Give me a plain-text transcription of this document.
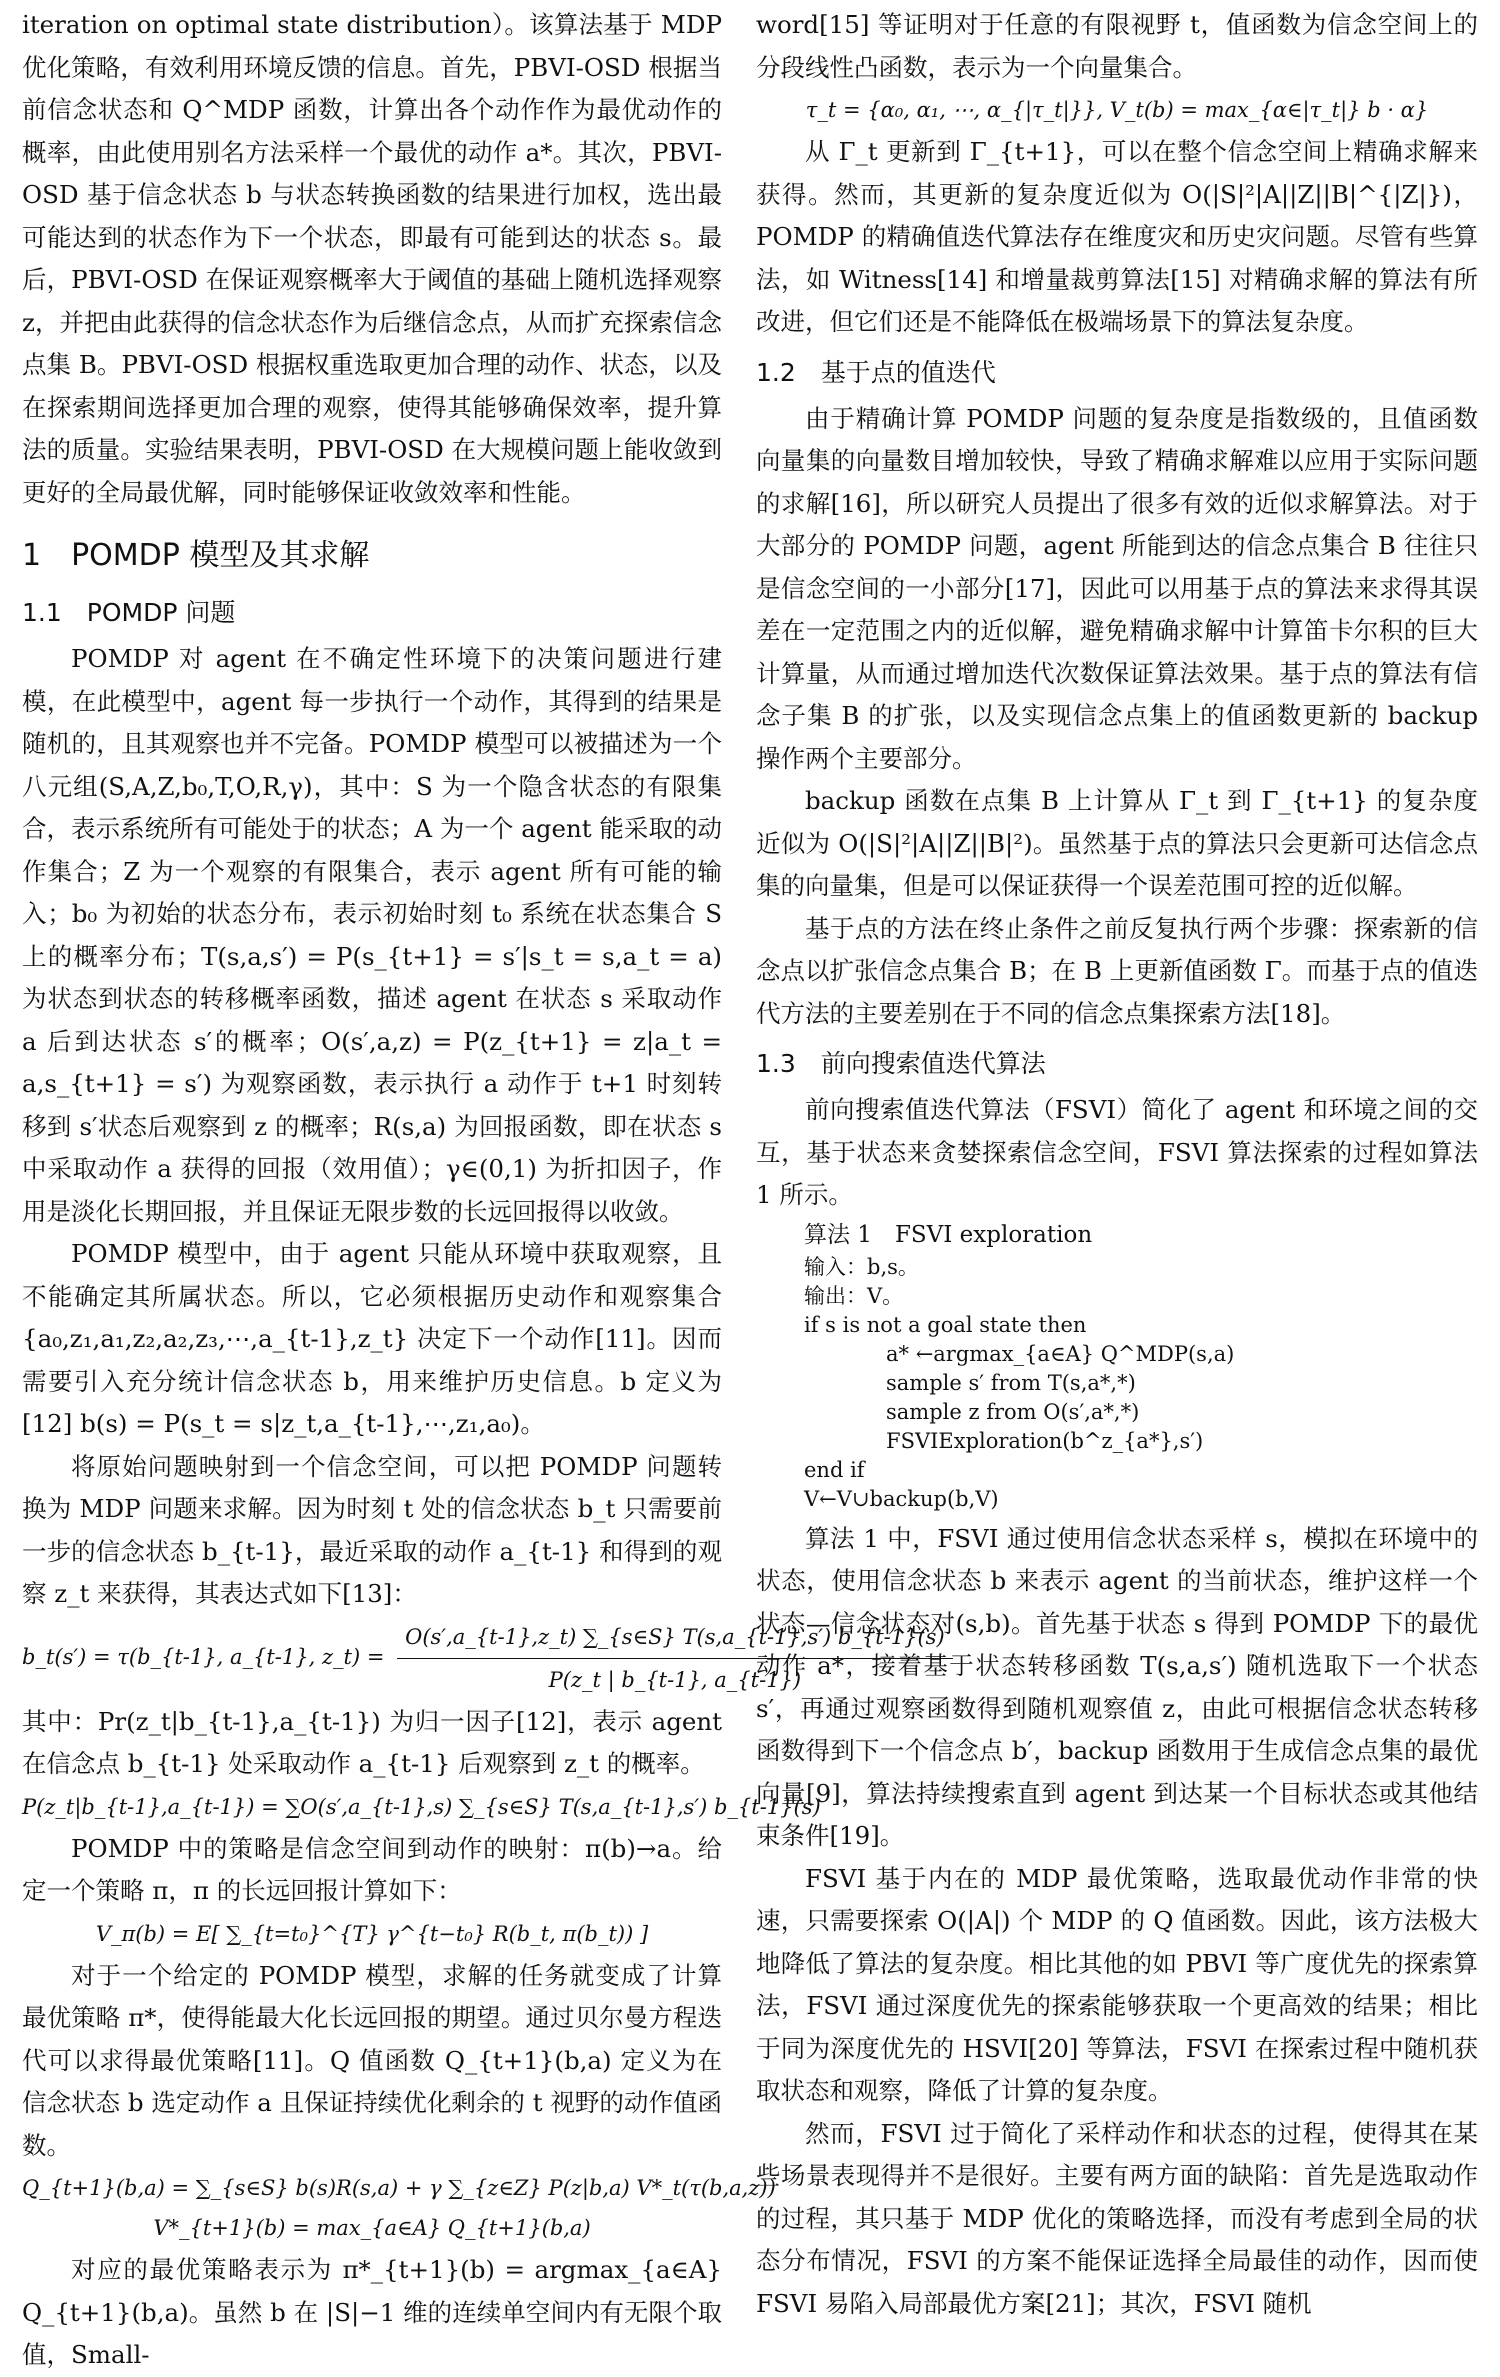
iteration on optimal state distribution）。该算法基于 MDP 优化策略，有效利用环境反馈的信息。首先，PBVI-OSD 根据当前信念状态和 Q^MDP 函数，计算出各个动作作为最优动作的概率，由此使用别名方法采样一个最优的动作 a*。其次，PBVI-OSD 基于信念状态 b 与状态转换函数的结果进行加权，选出最可能达到的状态作为下一个状态，即最有可能到达的状态 s。最后，PBVI-OSD 在保证观察概率大于阈值的基础上随机选择观察 z，并把由此获得的信念状态作为后继信念点，从而扩充探索信念点集 B。PBVI-OSD 根据权重选取更加合理的动作、状态，以及在探索期间选择更加合理的观察，使得其能够确保效率，提升算法的质量。实验结果表明，PBVI-OSD 在大规模问题上能收敛到更好的全局最优解，同时能够保证收敛效率和性能。

1　POMDP 模型及其求解
1.1　POMDP 问题

POMDP 对 agent 在不确定性环境下的决策问题进行建模，在此模型中，agent 每一步执行一个动作，其得到的结果是随机的，且其观察也并不完备。POMDP 模型可以被描述为一个八元组(S,A,Z,b₀,T,O,R,γ)，其中：S 为一个隐含状态的有限集合，表示系统所有可能处于的状态；A 为一个 agent 能采取的动作集合；Z 为一个观察的有限集合，表示 agent 所有可能的输入；b₀ 为初始的状态分布，表示初始时刻 t₀ 系统在状态集合 S 上的概率分布；T(s,a,s′) = P(s_{t+1} = s′|s_t = s,a_t = a) 为状态到状态的转移概率函数，描述 agent 在状态 s 采取动作 a 后到达状态 s′的概率；O(s′,a,z) = P(z_{t+1} = z|a_t = a,s_{t+1} = s′) 为观察函数，表示执行 a 动作于 t+1 时刻转移到 s′状态后观察到 z 的概率；R(s,a) 为回报函数，即在状态 s 中采取动作 a 获得的回报（效用值）；γ∈(0,1) 为折扣因子，作用是淡化长期回报，并且保证无限步数的长远回报得以收敛。

POMDP 模型中，由于 agent 只能从环境中获取观察，且不能确定其所属状态。所以，它必须根据历史动作和观察集合 {a₀,z₁,a₁,z₂,a₂,z₃,⋯,a_{t-1},z_t} 决定下一个动作[11]。因而需要引入充分统计信念状态 b，用来维护历史信息。b 定义为[12] b(s) = P(s_t = s|z_t,a_{t-1},⋯,z₁,a₀)。

将原始问题映射到一个信念空间，可以把 POMDP 问题转换为 MDP 问题来求解。因为时刻 t 处的信念状态 b_t 只需要前一步的信念状态 b_{t-1}，最近采取的动作 a_{t-1} 和得到的观察 z_t 来获得，其表达式如下[13]：

b_t(s′) = τ(b_{t-1}, a_{t-1}, z_t) = $\frac{O(s',a\_\{t-1\},z\_t) \sum\_\{s\in S\} T(s,a\_\{t-1\},s') b\_\{t-1\}(s)}{P(z\_t | b\_\{t-1\}, a\_\{t-1\})}$

其中：Pr(z_t|b_{t-1},a_{t-1}) 为归一因子[12]，表示 agent 在信念点 b_{t-1} 处采取动作 a_{t-1} 后观察到 z_t 的概率。

P(z_t|b_{t-1},a_{t-1}) = ∑O(s′,a_{t-1},s) ∑_{s∈S} T(s,a_{t-1},s′) b_{t-1}(s)

POMDP 中的策略是信念空间到动作的映射：π(b)→a。给定一个策略 π，π 的长远回报计算如下：

V_π(b) = E[ ∑_{t=t₀}^{T} γ^{t−t₀} R(b_t, π(b_t)) ]

对于一个给定的 POMDP 模型，求解的任务就变成了计算最优策略 π*，使得能最大化长远回报的期望。通过贝尔曼方程迭代可以求得最优策略[11]。Q 值函数 Q_{t+1}(b,a) 定义为在信念状态 b 选定动作 a 且保证持续优化剩余的 t 视野的动作值函数。

Q_{t+1}(b,a) = ∑_{s∈S} b(s)R(s,a) + γ ∑_{z∈Z} P(z|b,a) V*_t(τ(b,a,z))
V*_{t+1}(b) = max_{a∈A} Q_{t+1}(b,a)

对应的最优策略表示为 π*_{t+1}(b) = argmax_{a∈A} Q_{t+1}(b,a)。虽然 b 在 |S|−1 维的连续单空间内有无限个取值，Small-

word[15] 等证明对于任意的有限视野 t，值函数为信念空间上的分段线性凸函数，表示为一个向量集合。

τ_t = {α₀, α₁, ⋯, α_{|τ_t|}}, V_t(b) = max_{α∈|τ_t|} b · α}

从 Γ_t 更新到 Γ_{t+1}，可以在整个信念空间上精确求解来获得。然而，其更新的复杂度近似为 O(|S|²|A||Z||B|^{|Z|})，POMDP 的精确值迭代算法存在维度灾和历史灾问题。尽管有些算法，如 Witness[14] 和增量裁剪算法[15] 对精确求解的算法有所改进，但它们还是不能降低在极端场景下的算法复杂度。

1.2　基于点的值迭代

由于精确计算 POMDP 问题的复杂度是指数级的，且值函数向量集的向量数目增加较快，导致了精确求解难以应用于实际问题的求解[16]，所以研究人员提出了很多有效的近似求解算法。对于大部分的 POMDP 问题，agent 所能到达的信念点集合 B 往往只是信念空间的一小部分[17]，因此可以用基于点的算法来求得其误差在一定范围之内的近似解，避免精确求解中计算笛卡尔积的巨大计算量，从而通过增加迭代次数保证算法效果。基于点的算法有信念子集 B 的扩张，以及实现信念点集上的值函数更新的 backup 操作两个主要部分。

backup 函数在点集 B 上计算从 Γ_t 到 Γ_{t+1} 的复杂度近似为 O(|S|²|A||Z||B|²)。虽然基于点的算法只会更新可达信念点集的向量集，但是可以保证获得一个误差范围可控的近似解。

基于点的方法在终止条件之前反复执行两个步骤：探索新的信念点以扩张信念点集合 B；在 B 上更新值函数 Γ。而基于点的值迭代方法的主要差别在于不同的信念点集探索方法[18]。

1.3　前向搜索值迭代算法

前向搜索值迭代算法（FSVI）简化了 agent 和环境之间的交互，基于状态来贪婪探索信念空间，FSVI 算法探索的过程如算法 1 所示。

算法 1　FSVI exploration
输入：b,s。
输出：V。
if s is not a goal state then
a* ←argmax_{a∈A} Q^MDP(s,a)
sample s′ from T(s,a*,*)
sample z from O(s′,a*,*)
FSVIExploration(b^z_{a*},s′)
end if
V←V∪backup(b,V)

算法 1 中，FSVI 通过使用信念状态采样 s，模拟在环境中的状态，使用信念状态 b 来表示 agent 的当前状态，维护这样一个状态—信念状态对(s,b)。首先基于状态 s 得到 POMDP 下的最优动作 a*，接着基于状态转移函数 T(s,a,s′) 随机选取下一个状态 s′，再通过观察函数得到随机观察值 z，由此可根据信念状态转移函数得到下一个信念点 b′，backup 函数用于生成信念点集的最优向量[9]，算法持续搜索直到 agent 到达某一个目标状态或其他结束条件[19]。

FSVI 基于内在的 MDP 最优策略，选取最优动作非常的快速，只需要探索 O(|A|) 个 MDP 的 Q 值函数。因此，该方法极大地降低了算法的复杂度。相比其他的如 PBVI 等广度优先的探索算法，FSVI 通过深度优先的探索能够获取一个更高效的结果；相比于同为深度优先的 HSVI[20] 等算法，FSVI 在探索过程中随机获取状态和观察，降低了计算的复杂度。

然而，FSVI 过于简化了采样动作和状态的过程，使得其在某些场景表现得并不是很好。主要有两方面的缺陷：首先是选取动作的过程，其只基于 MDP 优化的策略选择，而没有考虑到全局的状态分布情况，FSVI 的方案不能保证选择全局最佳的动作，因而使 FSVI 易陷入局部最优方案[21]；其次，FSVI 随机
